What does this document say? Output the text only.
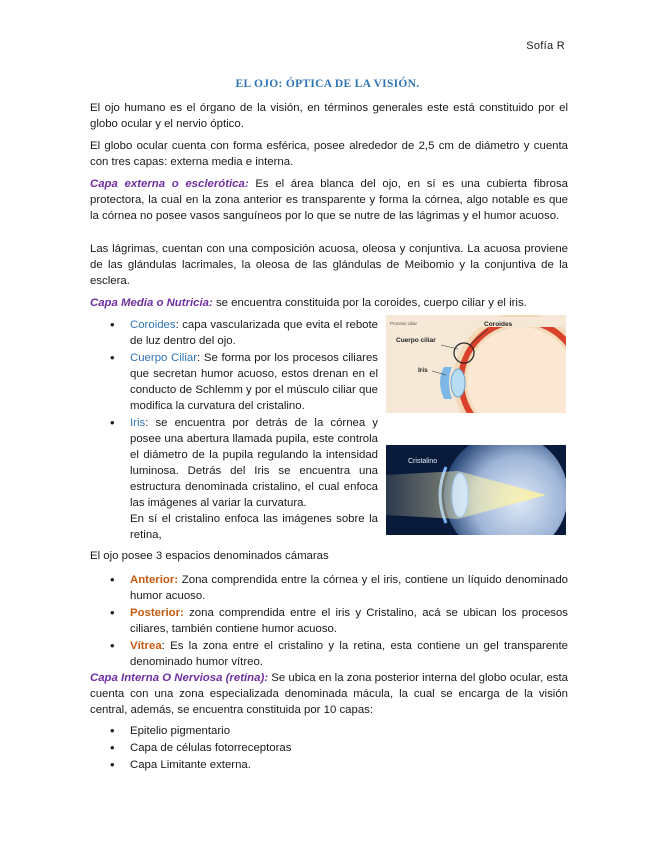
Sofía R
EL OJO: ÓPTICA DE LA VISIÓN.

El ojo humano es el órgano de la visión, en términos generales este está constituido por el globo ocular y el nervio óptico.

El globo ocular cuenta con forma esférica, posee alrededor de 2,5 cm de diámetro y cuenta con tres capas: externa media e interna.

Capa externa o esclerótica: Es el área blanca del ojo, en sí es una cubierta fibrosa protectora, la cual en la zona anterior es transparente y forma la córnea, algo notable es que la córnea no posee vasos sanguíneos por lo que se nutre de las lágrimas y el humor acuoso.

Las lágrimas, cuentan con una composición acuosa, oleosa y conjuntiva. La acuosa proviene de las glándulas lacrimales, la oleosa de las glándulas de Meibomio y la conjuntiva de la esclera.

Capa Media o Nutricia: se encuentra constituida por la coroides, cuerpo ciliar y el iris.

• Coroides: capa vascularizada que evita el rebote de luz dentro del ojo.
• Cuerpo Ciliar: Se forma por los procesos ciliares que secretan humor acuoso, estos drenan en el conducto de Schlemm y por el músculo ciliar que modifica la curvatura del cristalino.
• Iris: se encuentra por detrás de la córnea y posee una abertura llamada pupila, este controla el diámetro de la pupila regulando la intensidad luminosa. Detrás del Iris se encuentra una estructura denominada cristalino, el cual enfoca las imágenes al variar la curvatura.
En sí el cristalino enfoca las imágenes sobre la retina,
Proceso ciliar	Coroides
Cuerpo ciliar
Iris
Cristalino

El ojo posee 3 espacios denominados cámaras

• Anterior: Zona comprendida entre la córnea y el iris, contiene un líquido denominado humor acuoso.
• Posterior: zona comprendida entre el iris y Cristalino, acá se ubican los procesos ciliares, también contiene humor acuoso.
• Vítrea: Es la zona entre el cristalino y la retina, esta contiene un gel transparente denominado humor vítreo.

Capa Interna O Nerviosa (retina): Se ubica en la zona posterior interna del globo ocular, esta cuenta con una zona especializada denominada mácula, la cual se encarga de la visión central, además, se encuentra constituida por 10 capas:

• Epitelio pigmentario
• Capa de células fotorreceptoras
• Capa Limitante externa.
